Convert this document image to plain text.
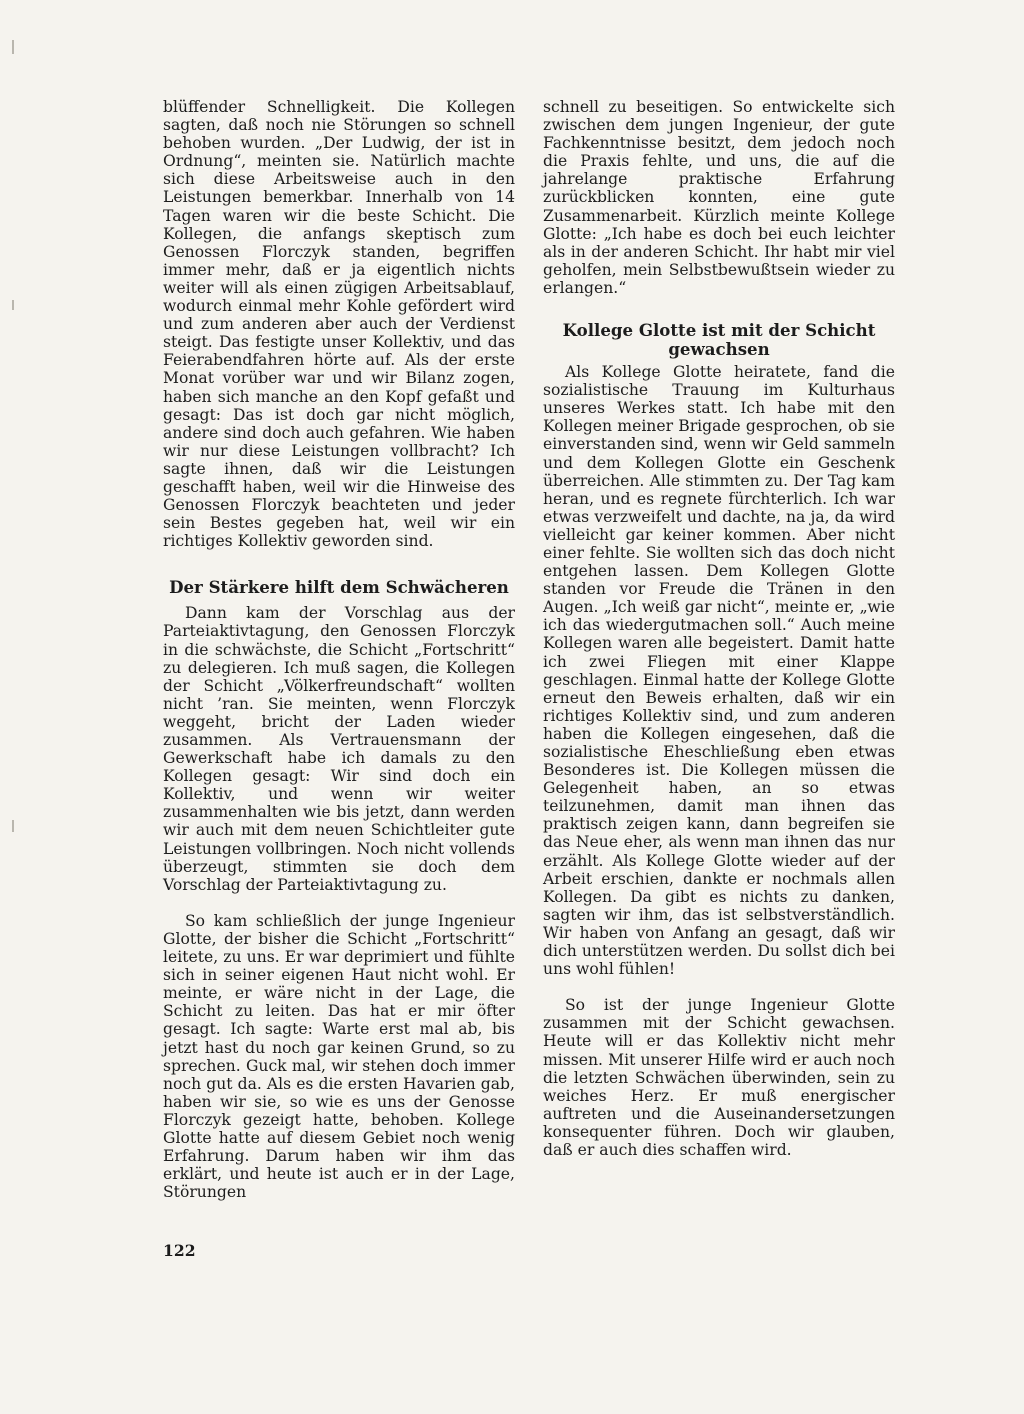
blüffender Schnelligkeit. Die Kollegen sagten, daß noch nie Störungen so schnell behoben wurden. „Der Ludwig, der ist in Ordnung“, meinten sie. Natürlich machte sich diese Arbeitsweise auch in den Leistungen bemerkbar. Innerhalb von 14 Tagen waren wir die beste Schicht. Die Kollegen, die anfangs skeptisch zum Genossen Florczyk standen, begriffen immer mehr, daß er ja eigentlich nichts weiter will als einen zügigen Arbeitsablauf, wodurch einmal mehr Kohle gefördert wird und zum anderen aber auch der Verdienst steigt. Das festigte unser Kollektiv, und das Feierabendfahren hörte auf. Als der erste Monat vorüber war und wir Bilanz zogen, haben sich manche an den Kopf gefaßt und gesagt: Das ist doch gar nicht möglich, andere sind doch auch gefahren. Wie haben wir nur diese Leistungen vollbracht? Ich sagte ihnen, daß wir die Leistungen geschafft haben, weil wir die Hinweise des Genossen Florczyk beachteten und jeder sein Bestes gegeben hat, weil wir ein richtiges Kollektiv geworden sind.

Der Stärkere hilft dem Schwächeren

Dann kam der Vorschlag aus der Parteiaktivtagung, den Genossen Florczyk in die schwächste, die Schicht „Fortschritt“ zu delegieren. Ich muß sagen, die Kollegen der Schicht „Völkerfreundschaft“ wollten nicht ’ran. Sie meinten, wenn Florczyk weggeht, bricht der Laden wieder zusammen. Als Vertrauensmann der Gewerkschaft habe ich damals zu den Kollegen gesagt: Wir sind doch ein Kollektiv, und wenn wir weiter zusammenhalten wie bis jetzt, dann werden wir auch mit dem neuen Schichtleiter gute Leistungen vollbringen. Noch nicht vollends überzeugt, stimmten sie doch dem Vorschlag der Parteiaktivtagung zu.

So kam schließlich der junge Ingenieur Glotte, der bisher die Schicht „Fortschritt“ leitete, zu uns. Er war deprimiert und fühlte sich in seiner eigenen Haut nicht wohl. Er meinte, er wäre nicht in der Lage, die Schicht zu leiten. Das hat er mir öfter gesagt. Ich sagte: Warte erst mal ab, bis jetzt hast du noch gar keinen Grund, so zu sprechen. Guck mal, wir stehen doch immer noch gut da. Als es die ersten Havarien gab, haben wir sie, so wie es uns der Genosse Florczyk gezeigt hatte, behoben. Kollege Glotte hatte auf diesem Gebiet noch wenig Erfahrung. Darum haben wir ihm das erklärt, und heute ist auch er in der Lage, Störungen

schnell zu beseitigen. So entwickelte sich zwischen dem jungen Ingenieur, der gute Fachkenntnisse besitzt, dem jedoch noch die Praxis fehlte, und uns, die auf die jahrelange praktische Erfahrung zurückblicken konnten, eine gute Zusammenarbeit. Kürzlich meinte Kollege Glotte: „Ich habe es doch bei euch leichter als in der anderen Schicht. Ihr habt mir viel geholfen, mein Selbstbewußtsein wieder zu erlangen.“

Kollege Glotte ist mit der Schicht
gewachsen

Als Kollege Glotte heiratete, fand die sozialistische Trauung im Kulturhaus unseres Werkes statt. Ich habe mit den Kollegen meiner Brigade gesprochen, ob sie einverstanden sind, wenn wir Geld sammeln und dem Kollegen Glotte ein Geschenk überreichen. Alle stimmten zu. Der Tag kam heran, und es regnete fürchterlich. Ich war etwas verzweifelt und dachte, na ja, da wird vielleicht gar keiner kommen. Aber nicht einer fehlte. Sie wollten sich das doch nicht entgehen lassen. Dem Kollegen Glotte standen vor Freude die Tränen in den Augen. „Ich weiß gar nicht“, meinte er, „wie ich das wiedergutmachen soll.“ Auch meine Kollegen waren alle begeistert. Damit hatte ich zwei Fliegen mit einer Klappe geschlagen. Einmal hatte der Kollege Glotte erneut den Beweis erhalten, daß wir ein richtiges Kollektiv sind, und zum anderen haben die Kollegen eingesehen, daß die sozialistische Eheschließung eben etwas Besonderes ist. Die Kollegen müssen die Gelegenheit haben, an so etwas teilzunehmen, damit man ihnen das praktisch zeigen kann, dann begreifen sie das Neue eher, als wenn man ihnen das nur erzählt. Als Kollege Glotte wieder auf der Arbeit erschien, dankte er nochmals allen Kollegen. Da gibt es nichts zu danken, sagten wir ihm, das ist selbstverständlich. Wir haben von Anfang an gesagt, daß wir dich unterstützen werden. Du sollst dich bei uns wohl fühlen!

So ist der junge Ingenieur Glotte zusammen mit der Schicht gewachsen. Heute will er das Kollektiv nicht mehr missen. Mit unserer Hilfe wird er auch noch die letzten Schwächen überwinden, sein zu weiches Herz. Er muß energischer auftreten und die Auseinandersetzungen konsequenter führen. Doch wir glauben, daß er auch dies schaffen wird.

122
